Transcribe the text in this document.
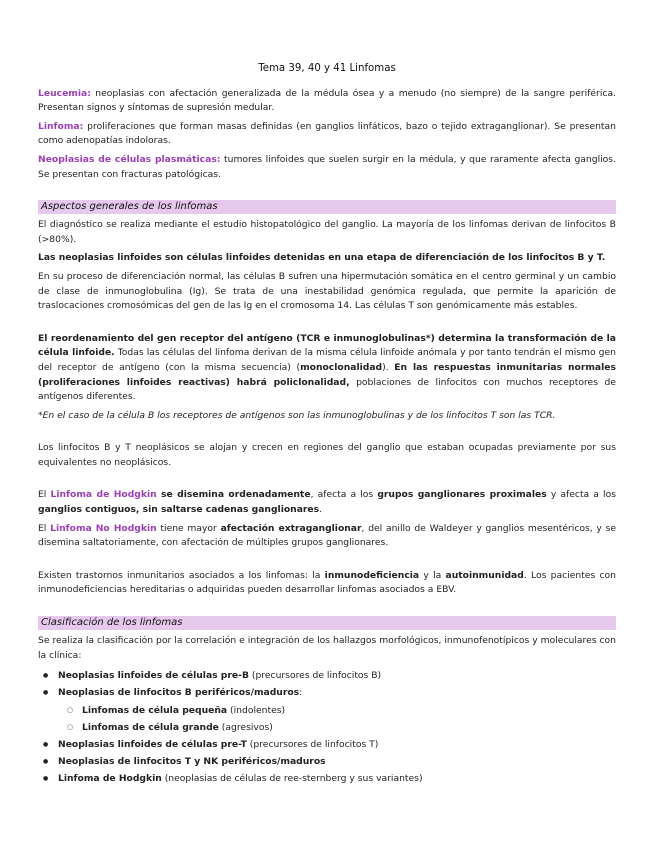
Tema 39, 40 y 41 Linfomas

Leucemia: neoplasias con afectación generalizada de la médula ósea y a menudo (no siempre) de la sangre periférica. Presentan signos y síntomas de supresión medular.

Linfoma: proliferaciones que forman masas definidas (en ganglios linfáticos, bazo o tejido extraganglionar). Se presentan como adenopatías indoloras.

Neoplasias de células plasmáticas: tumores linfoides que suelen surgir en la médula, y que raramente afecta ganglios. Se presentan con fracturas patológicas.

Aspectos generales de los linfomas

El diagnóstico se realiza mediante el estudio histopatológico del ganglio. La mayoría de los linfomas derivan de linfocitos B (>80%).

Las neoplasias linfoides son células linfoides detenidas en una etapa de diferenciación de los linfocitos B y T.

En su proceso de diferenciación normal, las células B sufren una hipermutación somática en el centro germinal y un cambio de clase de inmunoglobulina (Ig). Se trata de una inestabilidad genómica regulada, que permite la aparición de traslocaciones cromosómicas del gen de las Ig en el cromosoma 14. Las células T son genómicamente más estables.

El reordenamiento del gen receptor del antígeno (TCR e inmunoglobulinas*) determina la transformación de la célula linfoide. Todas las células del linfoma derivan de la misma célula linfoide anómala y por tanto tendrán el mismo gen del receptor de antígeno (con la misma secuencia) (monoclonalidad). En las respuestas inmunitarias normales (proliferaciones linfoides reactivas) habrá policlonalidad, poblaciones de linfocitos con muchos receptores de antígenos diferentes.

*En el caso de la célula B los receptores de antígenos son las inmunoglobulinas y de los linfocitos T son las TCR.

Los linfocitos B y T neoplásicos se alojan y crecen en regiones del ganglio que estaban ocupadas previamente por sus equivalentes no neoplásicos.

El Linfoma de Hodgkin se disemina ordenadamente, afecta a los grupos ganglionares proximales y afecta a los ganglios contiguos, sin saltarse cadenas ganglionares.

El Linfoma No Hodgkin tiene mayor afectación extraganglionar, del anillo de Waldeyer y ganglios mesentéricos, y se disemina saltatoriamente, con afectación de múltiples grupos ganglionares.

Existen trastornos inmunitarios asociados a los linfomas: la inmunodeficiencia y la autoinmunidad. Los pacientes con inmunodeficiencias hereditarias o adquiridas pueden desarrollar linfomas asociados a EBV.

Clasificación de los linfomas

Se realiza la clasificación por la correlación e integración de los hallazgos morfológicos, inmunofenotípicos y moleculares con la clínica:

● Neoplasias linfoides de células pre-B (precursores de linfocitos B)
● Neoplasias de linfocitos B periféricos/maduros:
○ Linfomas de célula pequeña (indolentes)
○ Linfomas de célula grande (agresivos)
● Neoplasias linfoides de células pre-T (precursores de linfocitos T)
● Neoplasias de linfocitos T y NK periféricos/maduros
● Linfoma de Hodgkin (neoplasias de células de ree-sternberg y sus variantes)
